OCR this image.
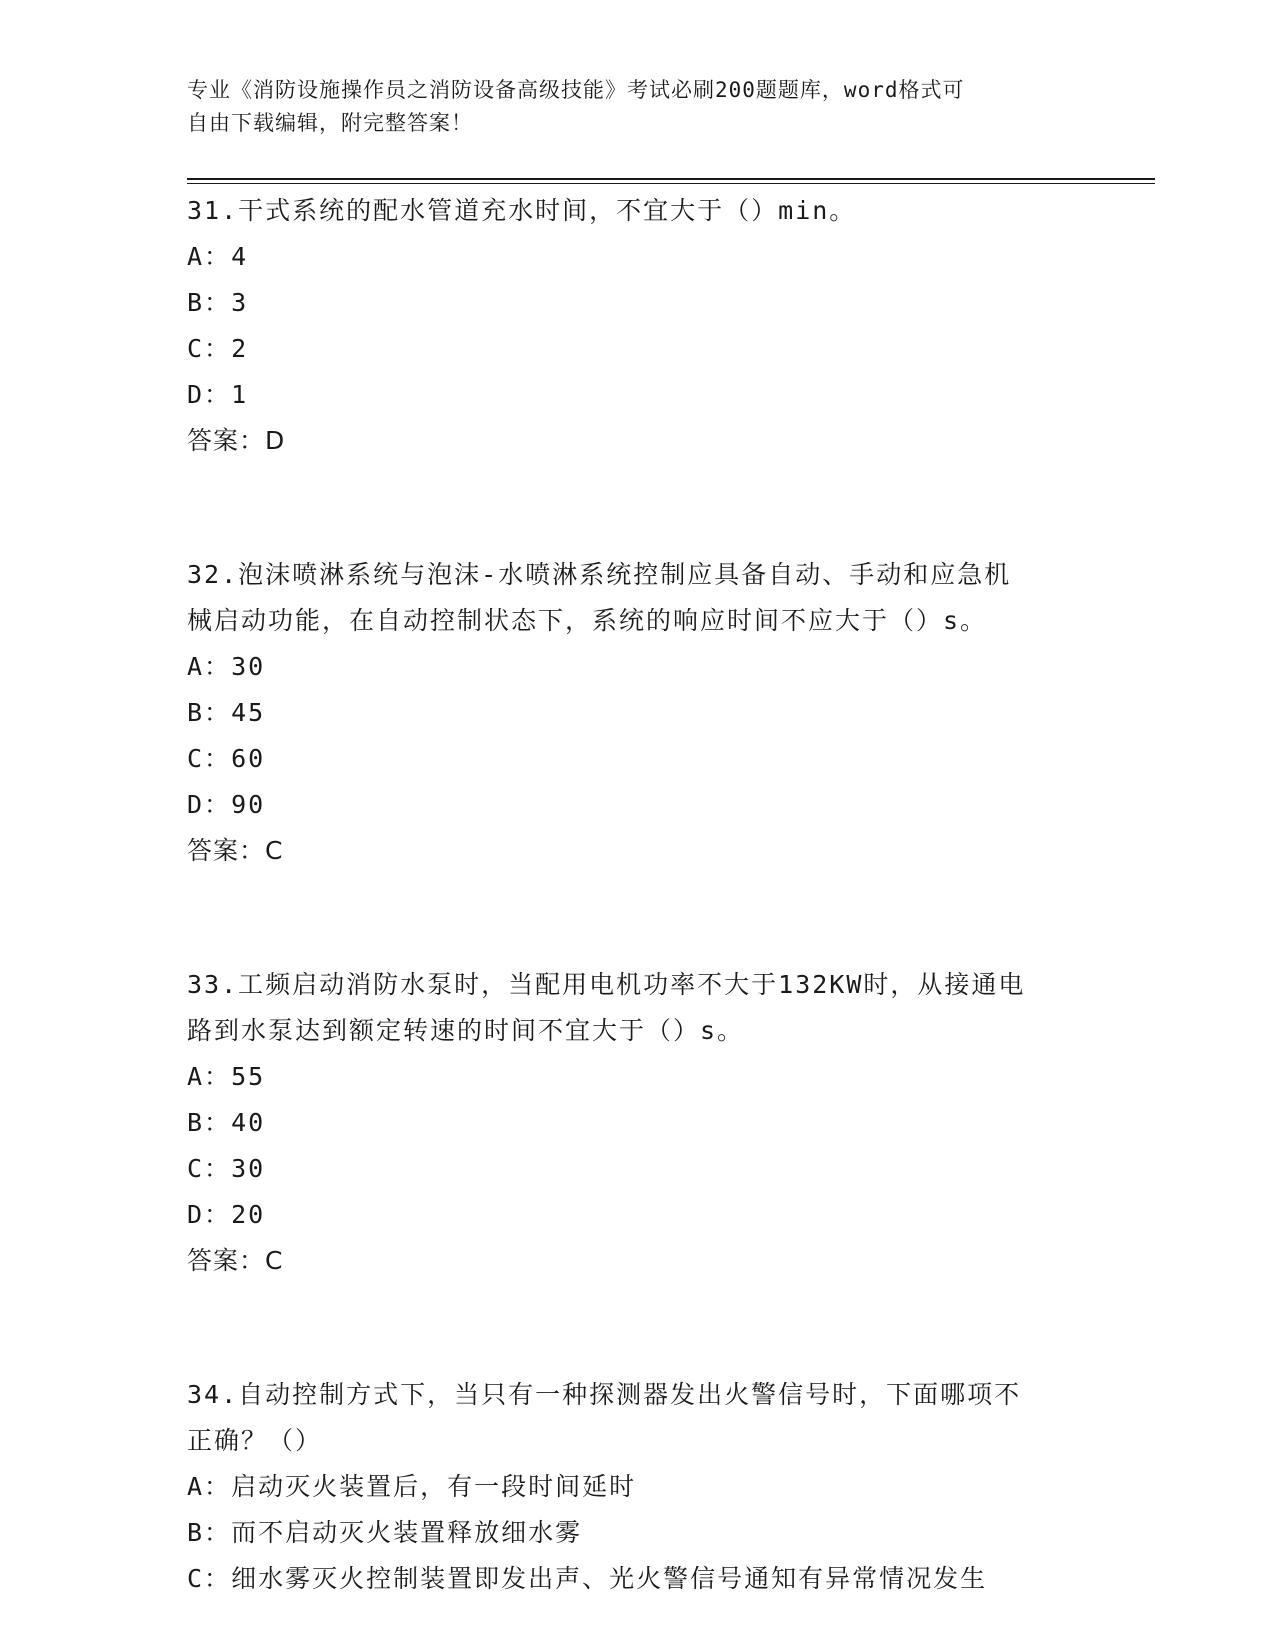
专业《消防设施操作员之消防设备高级技能》考试必刷200题题库，word格式可
自由下载编辑，附完整答案！
31.干式系统的配水管道充水时间，不宜大于（）min。
A：4
B：3
C：2
D：1
答案：D
32.泡沫喷淋系统与泡沫-水喷淋系统控制应具备自动、手动和应急机
械启动功能，在自动控制状态下，系统的响应时间不应大于（）s。
A：30
B：45
C：60
D：90
答案：C
33.工频启动消防水泵时，当配用电机功率不大于132KW时，从接通电
路到水泵达到额定转速的时间不宜大于（）s。
A：55
B：40
C：30
D：20
答案：C
34.自动控制方式下，当只有一种探测器发出火警信号时，下面哪项不
正确？（）
A：启动灭火装置后，有一段时间延时
B：而不启动灭火装置释放细水雾
C：细水雾灭火控制装置即发出声、光火警信号通知有异常情况发生
